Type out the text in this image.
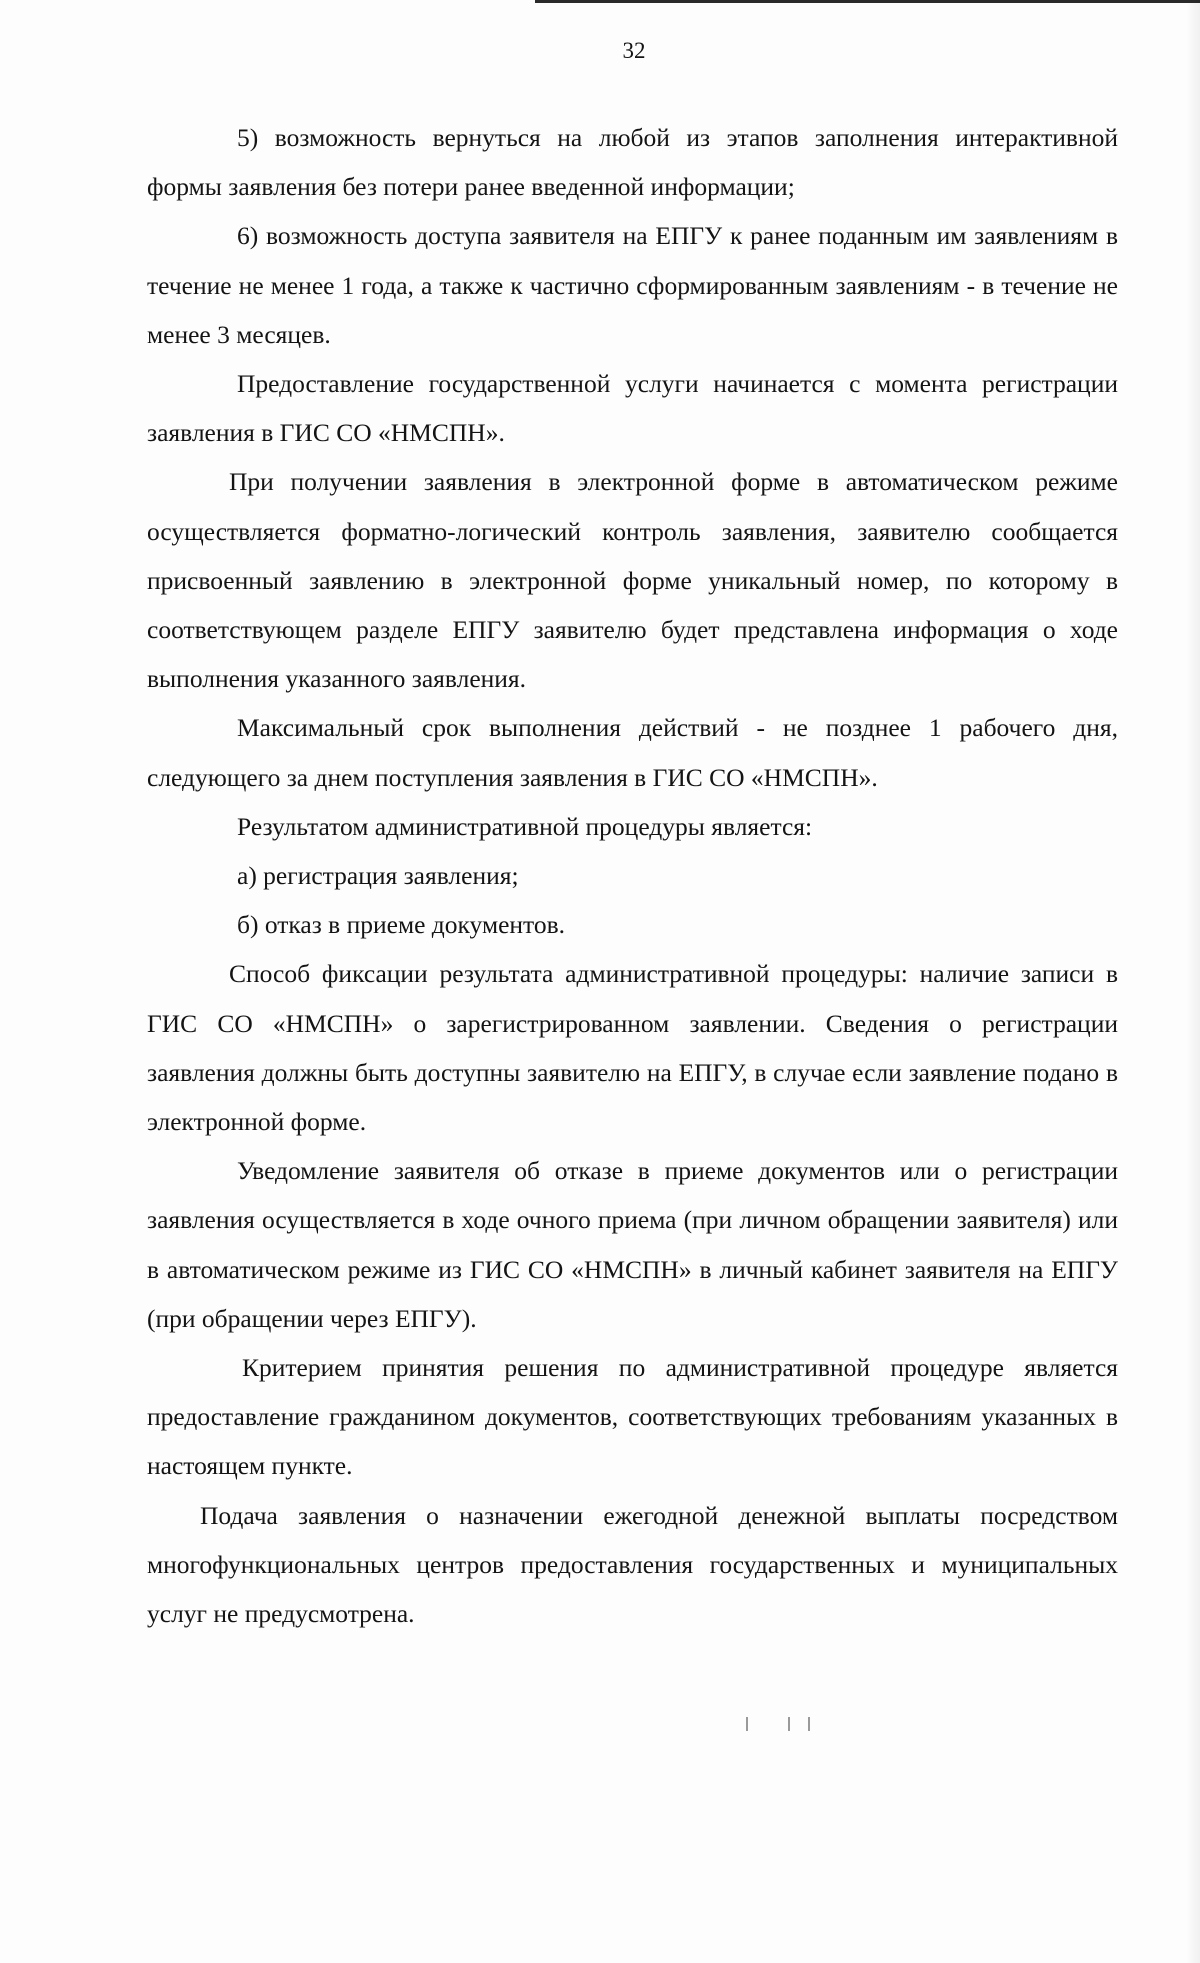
32

5) возможность вернуться на любой из этапов заполнения интерактивной формы заявления без потери ранее введенной информации;

6) возможность доступа заявителя на ЕПГУ к ранее поданным им заявлениям в течение не менее 1 года, а также к частично сформированным заявлениям - в течение не менее 3 месяцев.

Предоставление государственной услуги начинается с момента регистрации заявления в ГИС СО «НМСПН».

При получении заявления в электронной форме в автоматическом режиме осуществляется форматно-логический контроль заявления, заявителю сообщается присвоенный заявлению в электронной форме уникальный номер, по которому в соответствующем разделе ЕПГУ заявителю будет представлена информация о ходе выполнения указанного заявления.

Максимальный срок выполнения действий - не позднее 1 рабочего дня, следующего за днем поступления заявления в ГИС СО «НМСПН».

Результатом административной процедуры является:

а) регистрация заявления;

б) отказ в приеме документов.

Способ фиксации результата административной процедуры: наличие записи в ГИС СО «НМСПН» о зарегистрированном заявлении. Сведения о регистрации заявления должны быть доступны заявителю на ЕПГУ, в случае если заявление подано в электронной форме.

Уведомление заявителя об отказе в приеме документов или о регистрации заявления осуществляется в ходе очного приема (при личном обращении заявителя) или в автоматическом режиме из ГИС СО «НМСПН» в личный кабинет заявителя на ЕПГУ (при обращении через ЕПГУ).

Критерием принятия решения по административной процедуре является предоставление гражданином документов, соответствующих требованиям указанных в настоящем пункте.

Подача заявления о назначении ежегодной денежной выплаты посредством многофункциональных центров предоставления государственных и муниципальных услуг не предусмотрена.
